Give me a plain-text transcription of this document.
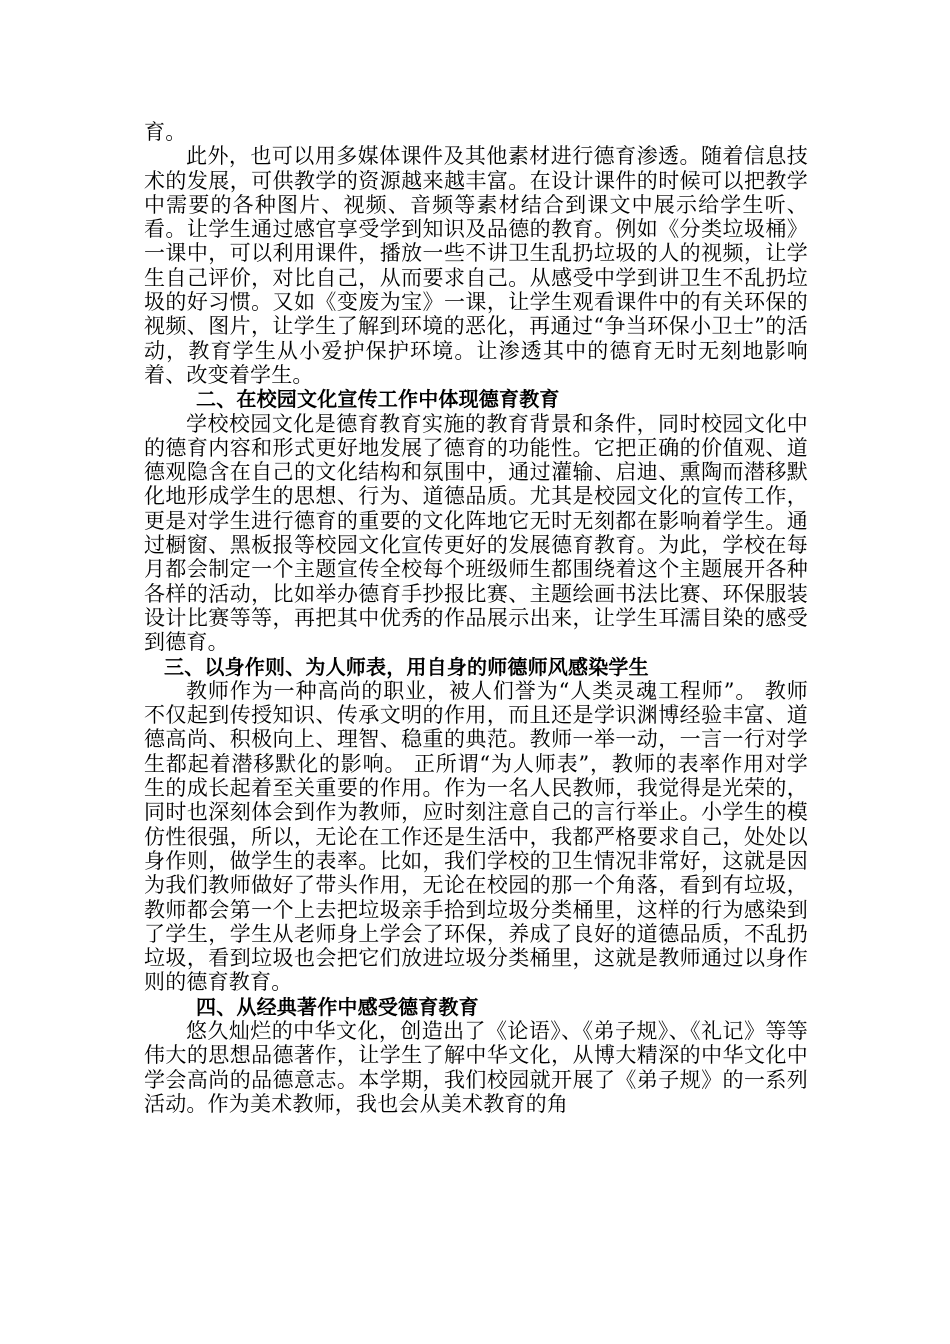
育。

此外，也可以用多媒体课件及其他素材进行德育渗透。随着信息技术的发展，可供教学的资源越来越丰富。在设计课件的时候可以把教学中需要的各种图片、视频、音频等素材结合到课文中展示给学生听、看。让学生通过感官享受学到知识及品德的教育。例如《分类垃圾桶》一课中，可以利用课件，播放一些不讲卫生乱扔垃圾的人的视频，让学生自己评价，对比自己，从而要求自己。从感受中学到讲卫生不乱扔垃圾的好习惯。又如《变废为宝》一课，让学生观看课件中的有关环保的视频、图片，让学生了解到环境的恶化，再通过“争当环保小卫士”的活动，教育学生从小爱护保护环境。让渗透其中的德育无时无刻地影响着、改变着学生。

二、在校园文化宣传工作中体现德育教育

学校校园文化是德育教育实施的教育背景和条件，同时校园文化中的德育内容和形式更好地发展了德育的功能性。它把正确的价值观、道德观隐含在自己的文化结构和氛围中，通过灌输、启迪、熏陶而潜移默化地形成学生的思想、行为、道德品质。尤其是校园文化的宣传工作，更是对学生进行德育的重要的文化阵地它无时无刻都在影响着学生。通过橱窗、黑板报等校园文化宣传更好的发展德育教育。为此，学校在每月都会制定一个主题宣传全校每个班级师生都围绕着这个主题展开各种各样的活动，比如举办德育手抄报比赛、主题绘画书法比赛、环保服装设计比赛等等，再把其中优秀的作品展示出来，让学生耳濡目染的感受到德育。

三、以身作则、为人师表，用自身的师德师风感染学生

教师作为一种高尚的职业，被人们誉为“人类灵魂工程师”。 教师不仅起到传授知识、传承文明的作用，而且还是学识渊博经验丰富、道德高尚、积极向上、理智、稳重的典范。教师一举一动，一言一行对学生都起着潜移默化的影响。 正所谓“为人师表”，教师的表率作用对学生的成长起着至关重要的作用。作为一名人民教师，我觉得是光荣的，同时也深刻体会到作为教师，应时刻注意自己的言行举止。小学生的模仿性很强，所以，无论在工作还是生活中，我都严格要求自己，处处以身作则，做学生的表率。比如，我们学校的卫生情况非常好，这就是因为我们教师做好了带头作用，无论在校园的那一个角落，看到有垃圾，教师都会第一个上去把垃圾亲手拾到垃圾分类桶里，这样的行为感染到了学生，学生从老师身上学会了环保，养成了良好的道德品质，不乱扔垃圾，看到垃圾也会把它们放进垃圾分类桶里，这就是教师通过以身作则的德育教育。

四、从经典著作中感受德育教育

悠久灿烂的中华文化，创造出了《论语》、《弟子规》、《礼记》等等伟大的思想品德著作，让学生了解中华文化，从博大精深的中华文化中学会高尚的品德意志。本学期，我们校园就开展了《弟子规》的一系列活动。作为美术教师，我也会从美术教育的角
